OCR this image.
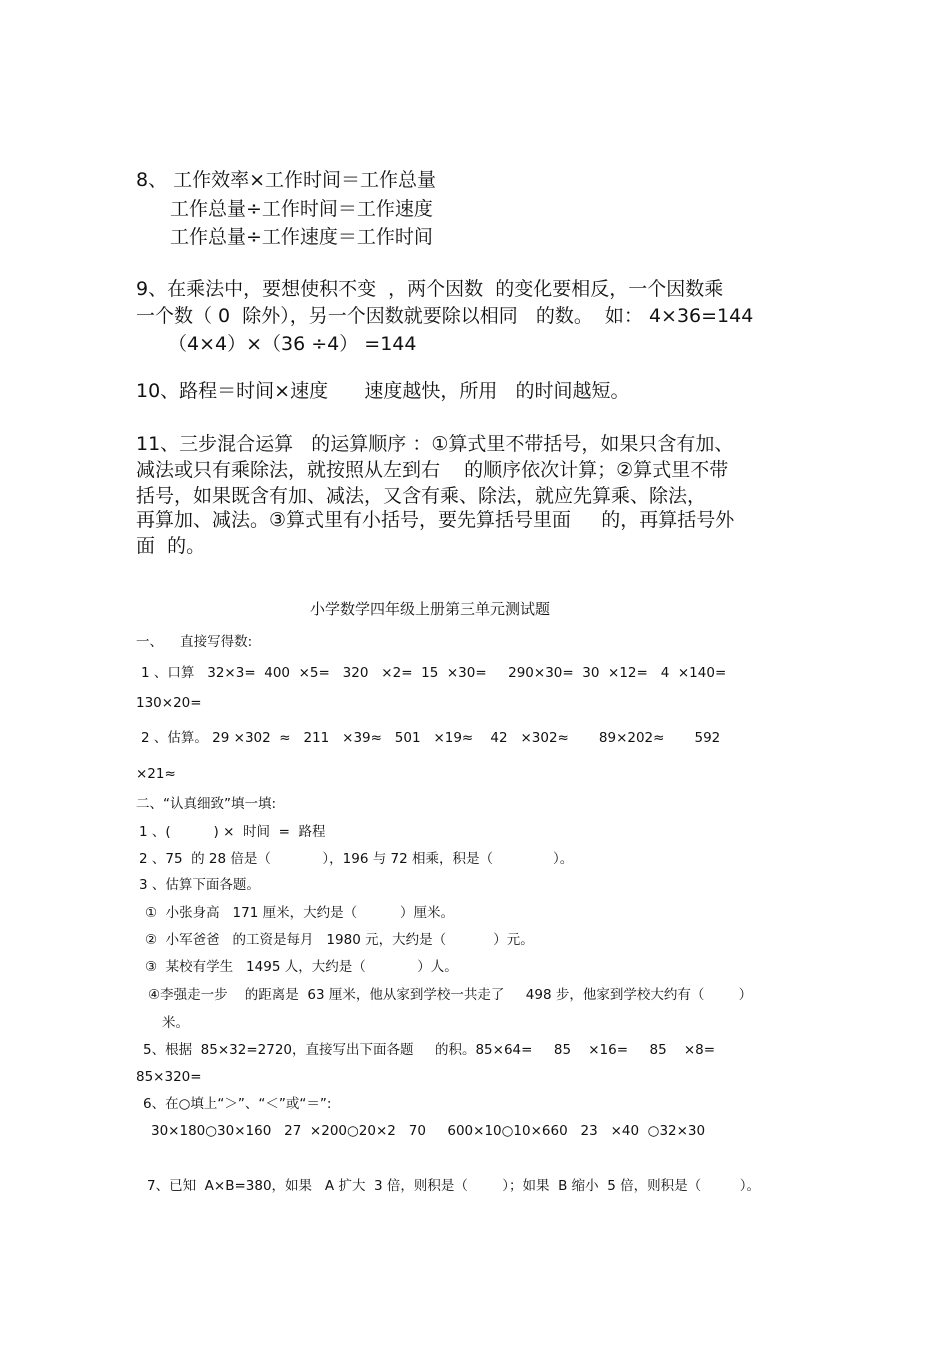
8、 工作效率×工作时间＝工作总量
工作总量÷工作时间＝工作速度
工作总量÷工作速度＝工作时间
9、在乘法中，要想使积不变  ，两个因数  的变化要相反，一个因数乘
一个数（ 0  除外），另一个因数就要除以相同   的数。  如： 4×36=144
（4×4）×（36 ÷4） =144
10、路程＝时间×速度      速度越快，所用   的时间越短。
11、三步混合运算   的运算顺序 ：①算式里不带括号，如果只含有加、
减法或只有乘除法，就按照从左到右    的顺序依次计算；②算式里不带
括号，如果既含有加、减法，又含有乘、除法，就应先算乘、除法，
再算加、减法。③算式里有小括号，要先算括号里面     的，再算括号外
面  的。
小学数学四年级上册第三单元测试题
一、    直接写得数:
1 、口算   32×3=  400  ×5=   320   ×2=  15  ×30=     290×30=  30  ×12=   4  ×140=
130×20=
2 、估算。 29 ×302  ≈   211   ×39≈   501   ×19≈    42   ×302≈       89×202≈       592
×21≈
二、“认真细致”填一填:
1 、(          ) ×  时间  =  路程
2 、75  的 28 倍是（            ），196 与 72 相乘，积是（              ）。
3 、估算下面各题。
①  小张身高   171 厘米，大约是（          ）厘米。
②  小军爸爸   的工资是每月   1980 元，大约是（           ）元。
③  某校有学生   1495 人，大约是（            ）人。
④李强走一步    的距离是  63 厘米，他从家到学校一共走了     498 步，他家到学校大约有（        ）
米。
5、根据  85×32=2720，直接写出下面各题     的积。85×64=     85    ×16=     85    ×8=
85×320=
6、在○填上“＞”、“＜”或“＝”:
30×180○30×160   27  ×200○20×2   70     600×10○10×660   23   ×40  ○32×30
7、已知  A×B=380，如果   A 扩大  3 倍，则积是（        ）；如果  B 缩小  5 倍，则积是（         ）。
